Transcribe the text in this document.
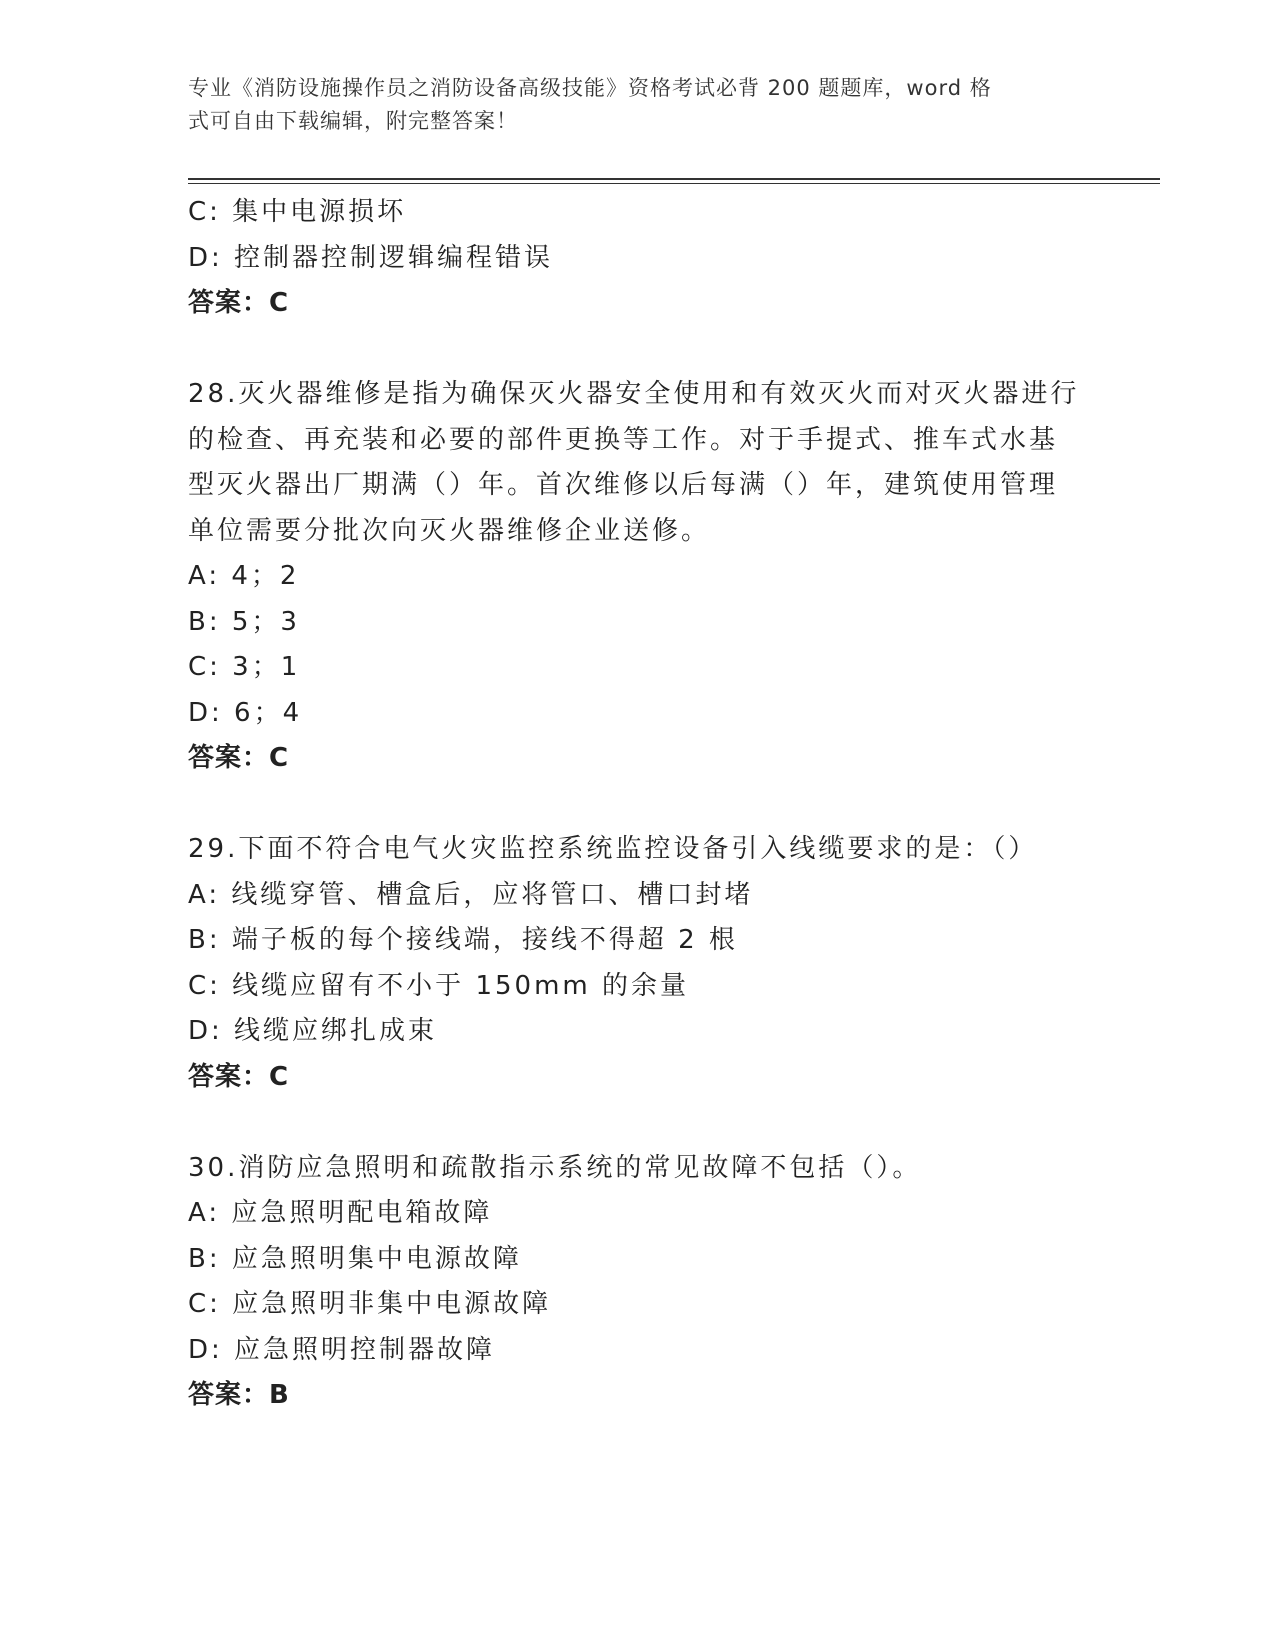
专业《消防设施操作员之消防设备高级技能》资格考试必背 200 题题库，word 格
式可自由下载编辑，附完整答案！
C: 集中电源损坏
D: 控制器控制逻辑编程错误
答案：C
28.灭火器维修是指为确保灭火器安全使用和有效灭火而对灭火器进行
的检查、再充装和必要的部件更换等工作。对于手提式、推车式水基
型灭火器出厂期满（）年。首次维修以后每满（）年，建筑使用管理
单位需要分批次向灭火器维修企业送修。
A: 4；2
B: 5；3
C: 3；1
D: 6；4
答案：C
29.下面不符合电气火灾监控系统监控设备引入线缆要求的是：（）
A: 线缆穿管、槽盒后，应将管口、槽口封堵
B: 端子板的每个接线端，接线不得超 2 根
C: 线缆应留有不小于 150mm 的余量
D: 线缆应绑扎成束
答案：C
30.消防应急照明和疏散指示系统的常见故障不包括（）。
A: 应急照明配电箱故障
B: 应急照明集中电源故障
C: 应急照明非集中电源故障
D: 应急照明控制器故障
答案：B
